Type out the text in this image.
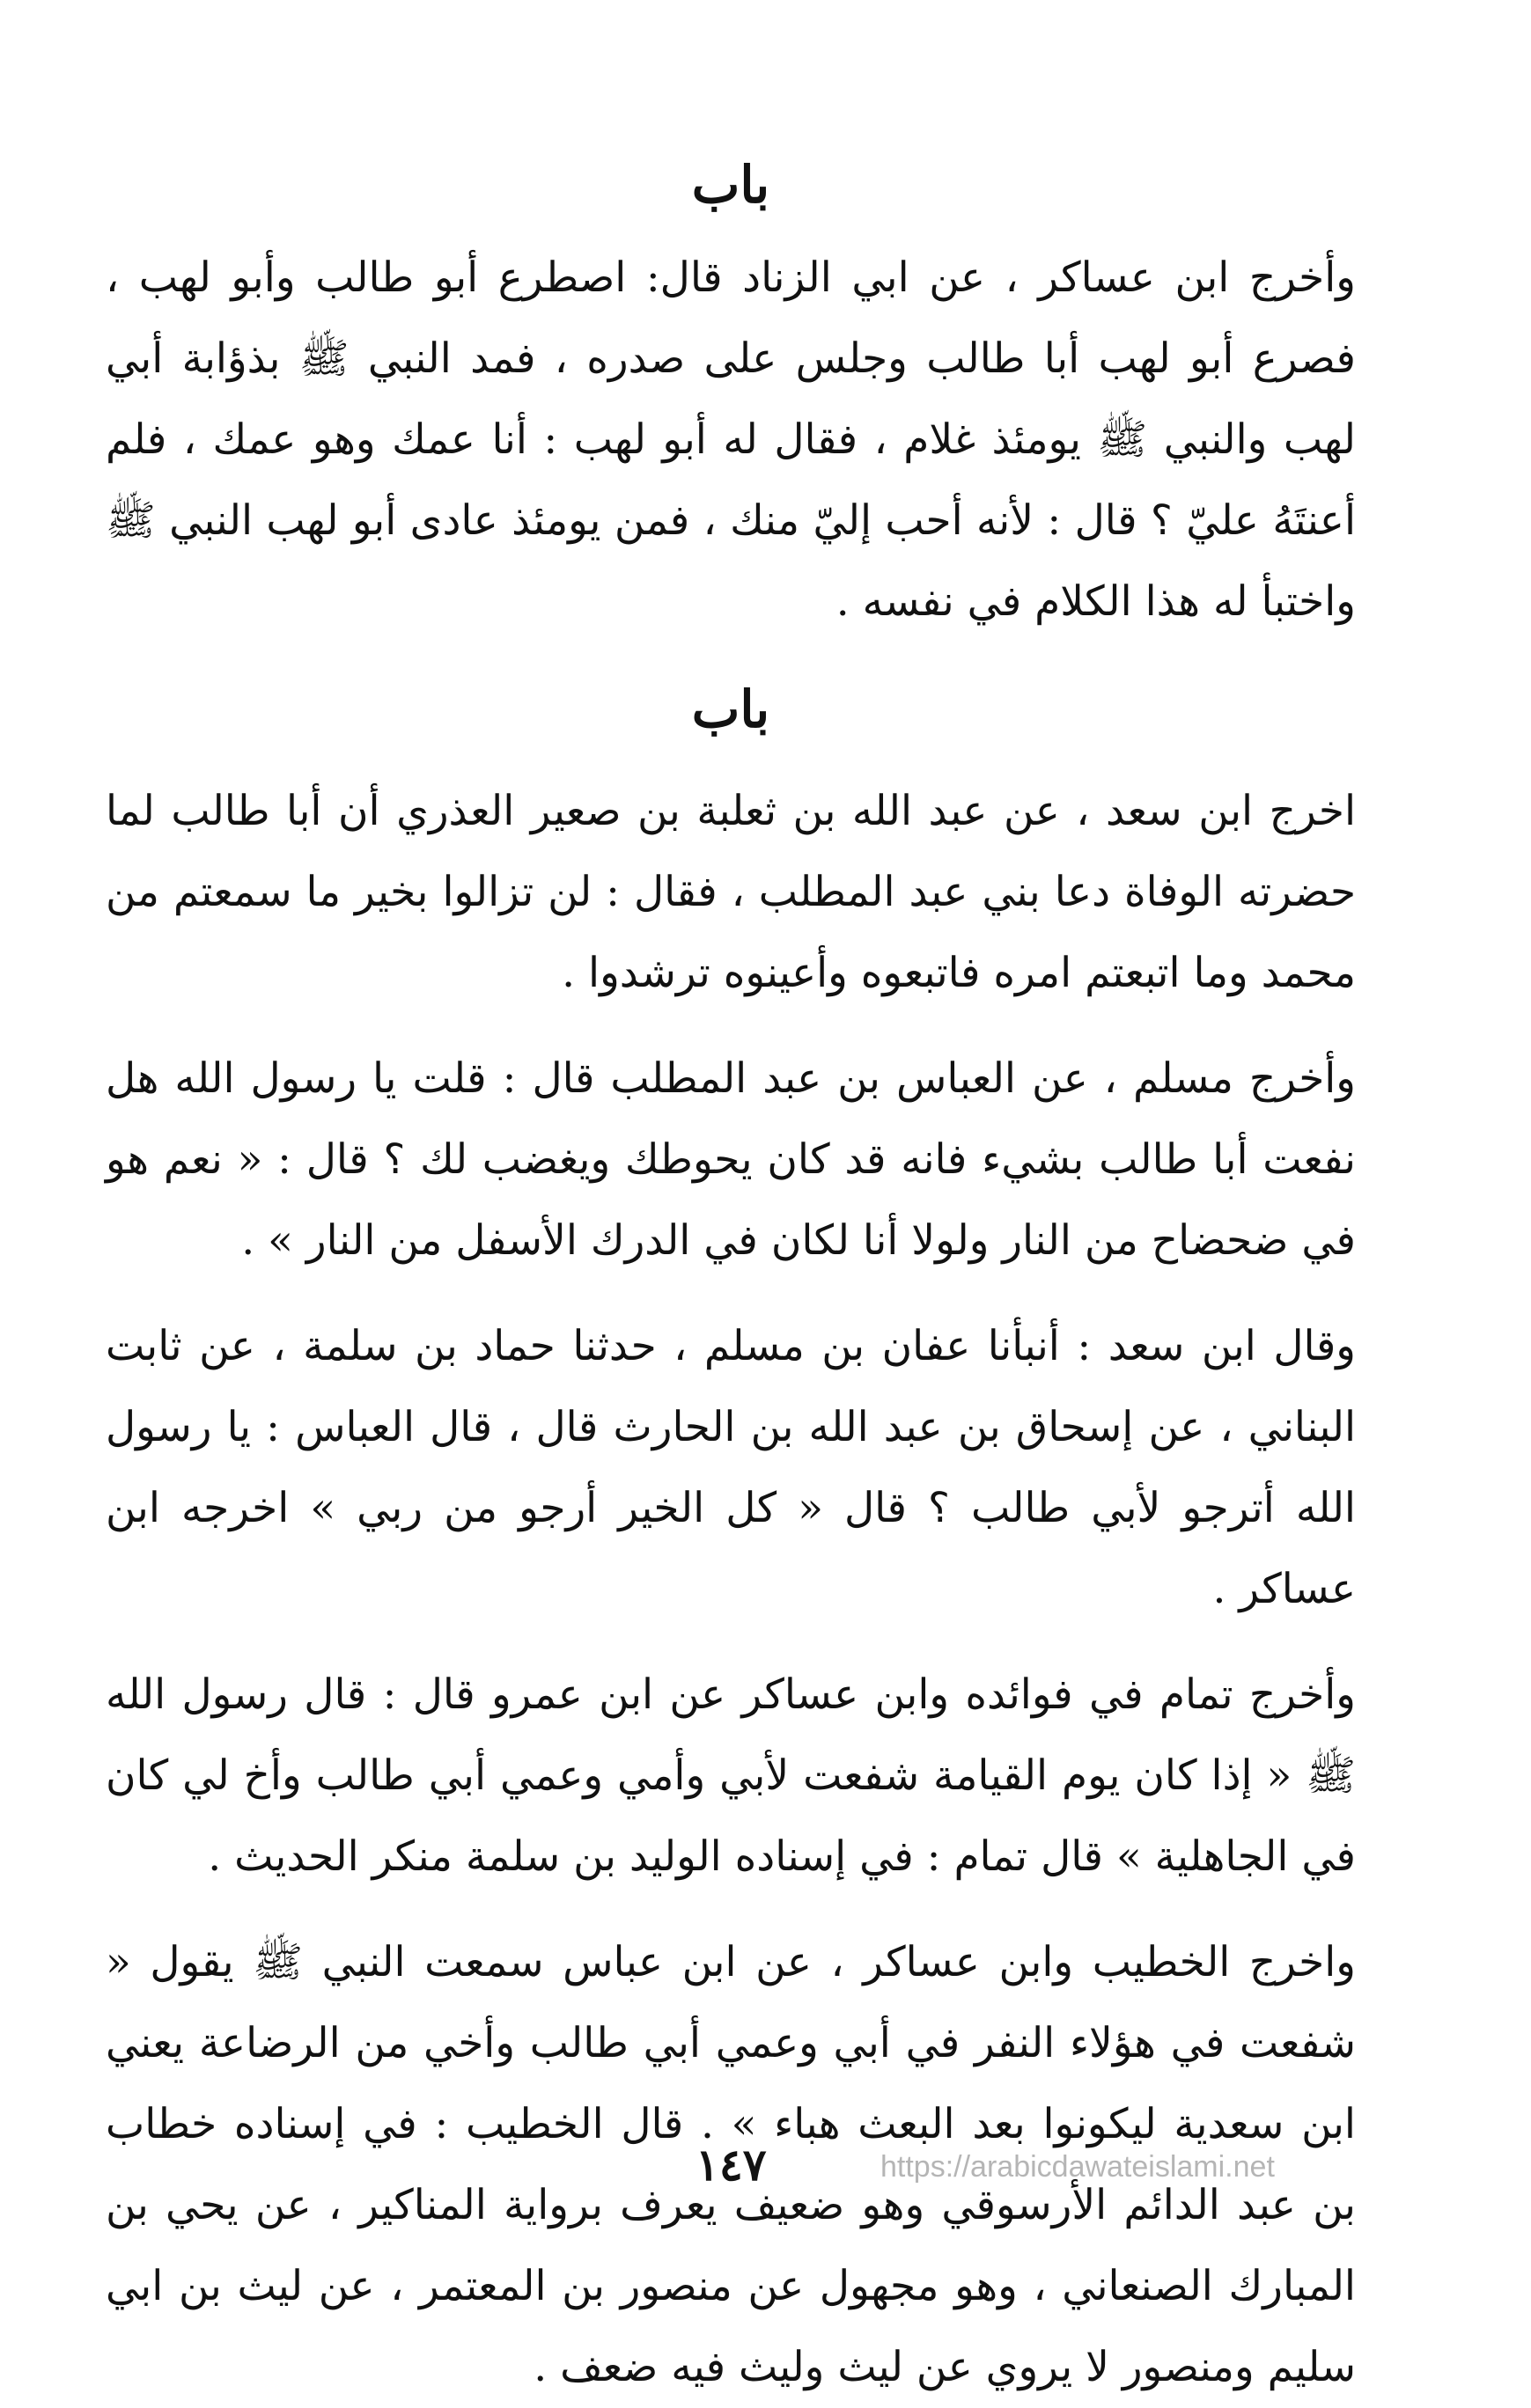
باب

وأخرج ابن عساكر ، عن ابي الزناد قال: اصطرع أبو طالب وأبو لهب ، فصرع أبو لهب أبا طالب وجلس على صدره ، فمد النبي ﷺ بذؤابة أبي لهب والنبي ﷺ يومئذ غلام ، فقال له أبو لهب : أنا عمك وهو عمك ، فلم أعنتَهُ عليّ ؟ قال : لأنه أحب إليّ منك ، فمن يومئذ عادى أبو لهب النبي ﷺ واختبأ له هذا الكلام في نفسه .

باب

اخرج ابن سعد ، عن عبد الله بن ثعلبة بن صعير العذري أن أبا طالب لما حضرته الوفاة دعا بني عبد المطلب ، فقال : لن تزالوا بخير ما سمعتم من محمد وما اتبعتم امره فاتبعوه وأعينوه ترشدوا .

وأخرج مسلم ، عن العباس بن عبد المطلب قال : قلت يا رسول الله هل نفعت أبا طالب بشيء فانه قد كان يحوطك ويغضب لك ؟ قال : « نعم هو في ضحضاح من النار ولولا أنا لكان في الدرك الأسفل من النار » .

وقال ابن سعد : أنبأنا عفان بن مسلم ، حدثنا حماد بن سلمة ، عن ثابت البناني ، عن إسحاق بن عبد الله بن الحارث قال ، قال العباس : يا رسول الله أترجو لأبي طالب ؟ قال « كل الخير أرجو من ربي » اخرجه ابن عساكر .

وأخرج تمام في فوائده وابن عساكر عن ابن عمرو قال : قال رسول الله ﷺ « إذا كان يوم القيامة شفعت لأبي وأمي وعمي أبي طالب وأخ لي كان في الجاهلية » قال تمام : في إسناده الوليد بن سلمة منكر الحديث .

واخرج الخطيب وابن عساكر ، عن ابن عباس سمعت النبي ﷺ يقول « شفعت في هؤلاء النفر في أبي وعمي أبي طالب وأخي من الرضاعة يعني ابن سعدية ليكونوا بعد البعث هباء » . قال الخطيب : في إسناده خطاب بن عبد الدائم الأرسوقي وهو ضعيف يعرف برواية المناكير ، عن يحي بن المبارك الصنعاني ، وهو مجهول عن منصور بن المعتمر ، عن ليث بن ابي سليم ومنصور لا يروي عن ليث وليث فيه ضعف .

١٤٧	https://arabicdawateislami.net
